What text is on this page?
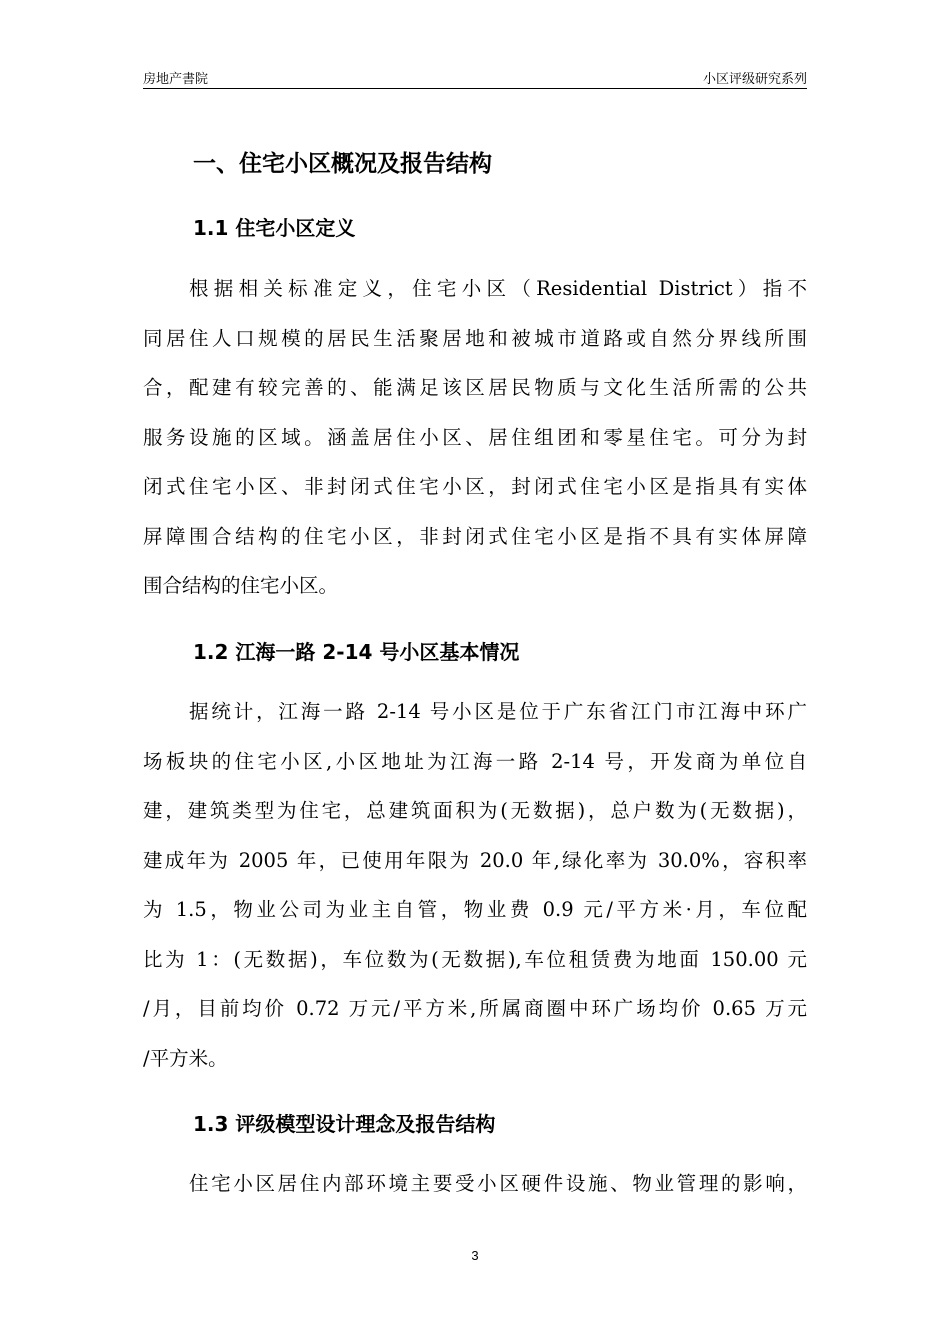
房地产書院	小区评级研究系列
一、住宅小区概况及报告结构
1.1 住宅小区定义
根据相关标准定义，住宅小区（Residential District）指不
同居住人口规模的居民生活聚居地和被城市道路或自然分界线所围
合，配建有较完善的、能满足该区居民物质与文化生活所需的公共
服务设施的区域。涵盖居住小区、居住组团和零星住宅。可分为封
闭式住宅小区、非封闭式住宅小区，封闭式住宅小区是指具有实体
屏障围合结构的住宅小区，非封闭式住宅小区是指不具有实体屏障
围合结构的住宅小区。
1.2 江海一路 2-14 号小区基本情况
据统计，江海一路 2-14 号小区是位于广东省江门市江海中环广
场板块的住宅小区,小区地址为江海一路 2-14 号，开发商为单位自
建，建筑类型为住宅，总建筑面积为(无数据)，总户数为(无数据)，
建成年为 2005 年，已使用年限为 20.0 年,绿化率为 30.0%，容积率
为 1.5，物业公司为业主自管，物业费 0.9 元/平方米·月，车位配
比为 1：(无数据)，车位数为(无数据),车位租赁费为地面 150.00 元
/月，目前均价 0.72 万元/平方米,所属商圈中环广场均价 0.65 万元
/平方米。
1.3 评级模型设计理念及报告结构
住宅小区居住内部环境主要受小区硬件设施、物业管理的影响，
3
